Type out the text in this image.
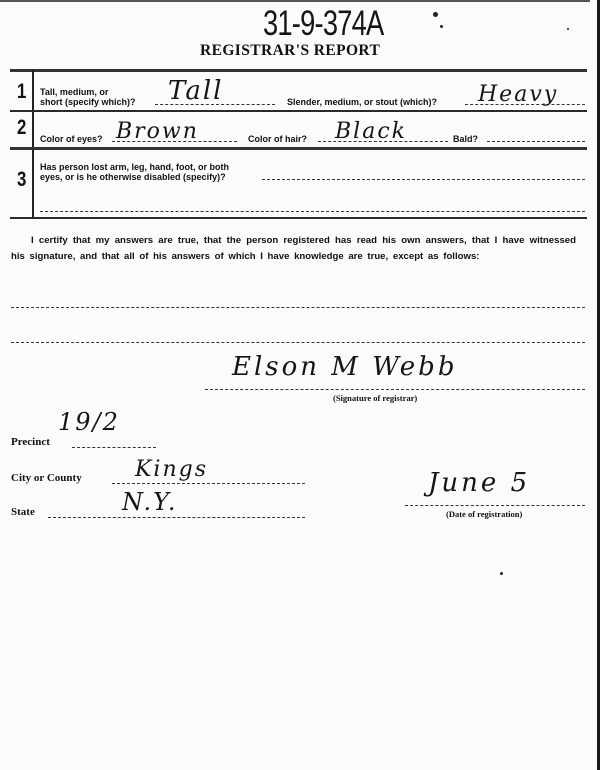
31-9-374A
REGISTRAR'S REPORT
1 Tall, medium, or
short (specify which)? Tall	Slender, medium, or stout (which)? Heavy
2 Color of eyes? Brown	Color of hair? Black	Bald?
3
Has person lost arm, leg, hand, foot, or both
eyes, or is he otherwise disabled (specify)?
I certify that my answers are true, that the person registered has read his own answers, that I have witnessed his signature, and that all of his answers of which I have knowledge are true, except as follows:
Elson M Webb
(Signature of registrar)
19/2
Precinct
City or County Kings
State	N.Y.
June 5
(Date of registration)
